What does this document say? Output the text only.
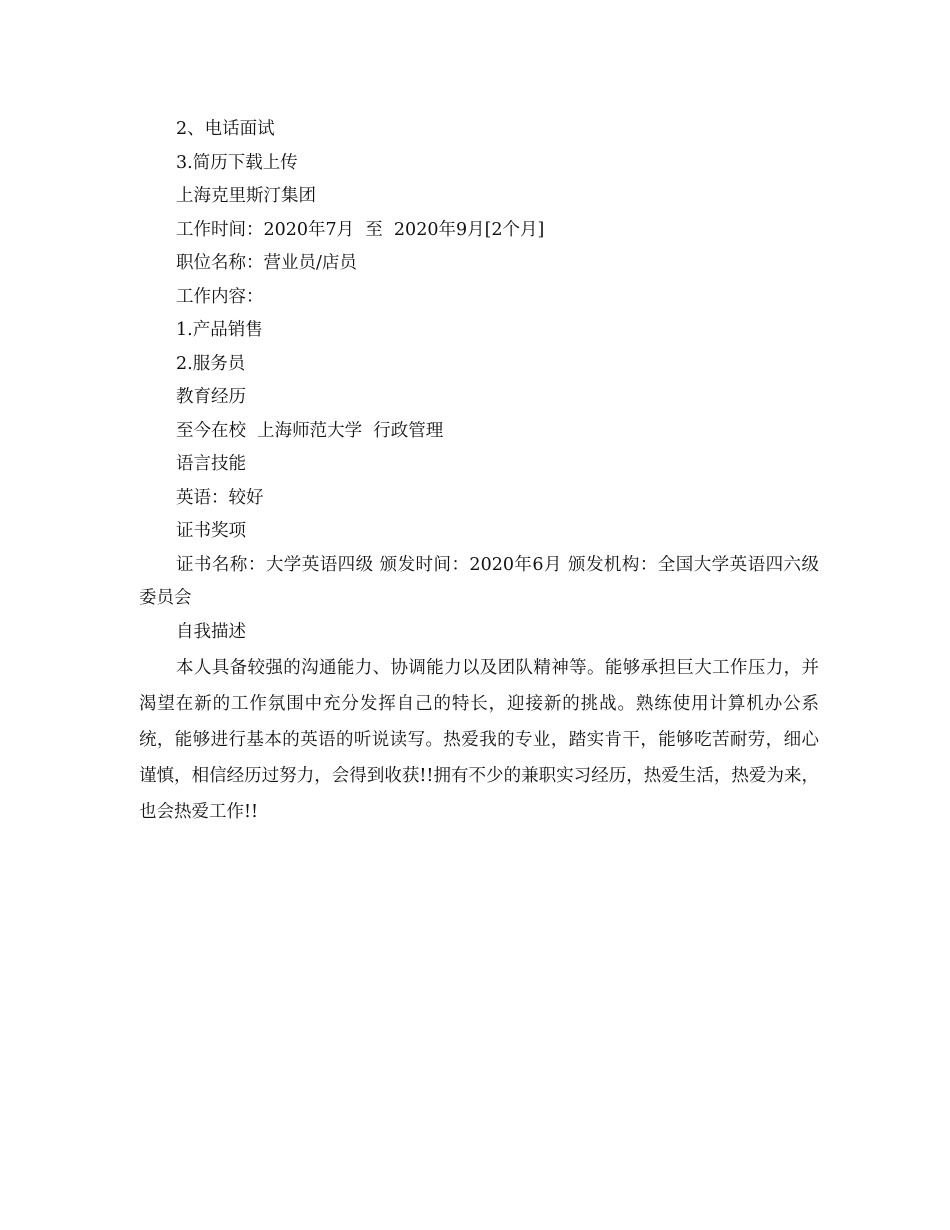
2、电话面试

3.简历下载上传

上海克里斯汀集团

工作时间：2020年7月  至  2020年9月[2个月]

职位名称：营业员/店员

工作内容：

1.产品销售

2.服务员

教育经历

至今在校  上海师范大学  行政管理

语言技能

英语：较好

证书奖项

证书名称：大学英语四级 颁发时间：2020年6月 颁发机构：全国大学英语四六级委员会

自我描述

本人具备较强的沟通能力、协调能力以及团队精神等。能够承担巨大工作压力，并渴望在新的工作氛围中充分发挥自己的特长，迎接新的挑战。熟练使用计算机办公系统，能够进行基本的英语的听说读写。热爱我的专业，踏实肯干，能够吃苦耐劳，细心谨慎，相信经历过努力，会得到收获!!拥有不少的兼职实习经历，热爱生活，热爱为来，也会热爱工作!!
